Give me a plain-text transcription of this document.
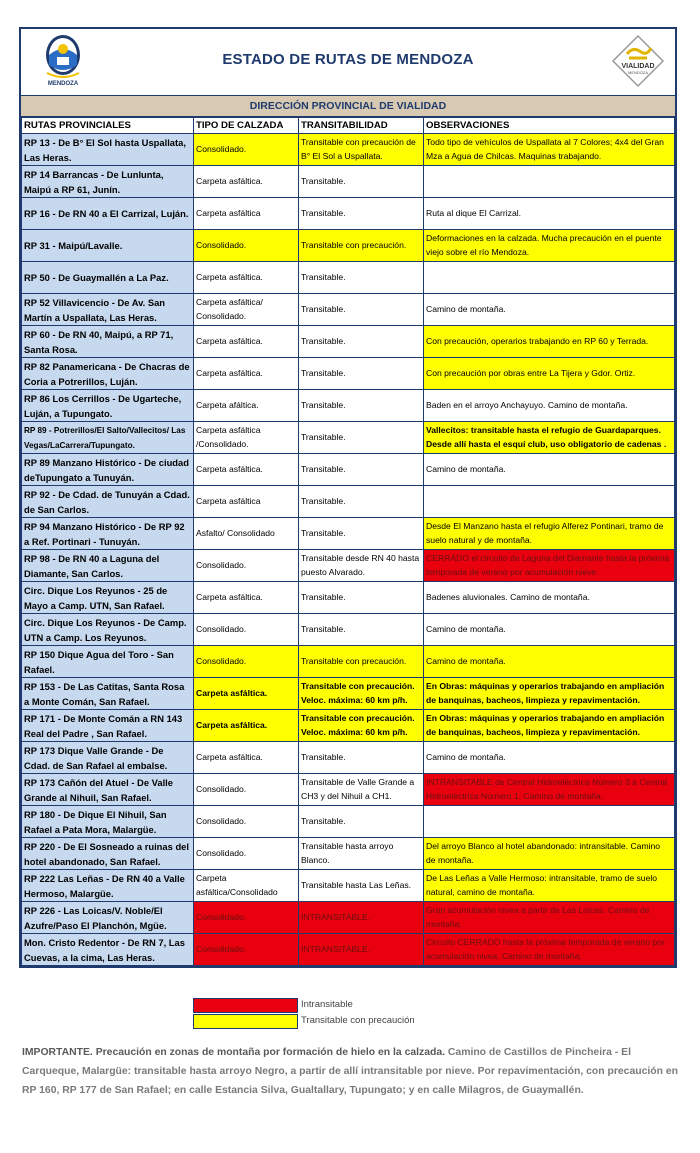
MENDOZA
ESTADO DE RUTAS DE MENDOZA	VIALIDAD
MENDOZA
DIRECCIÓN PROVINCIAL DE VIALIDAD
RUTAS PROVINCIALES	TIPO DE CALZADA	TRANSITABILIDAD	OBSERVACIONES
RP 13 - De B° El Sol hasta Uspallata, Las Heras.	Consolidado.	Transitable con precaución de B° El Sol a Uspallata.	Todo tipo de vehículos de Uspallata al 7 Colores; 4x4 del Gran Mza a Agua de Chilcas. Maquinas trabajando.
RP 14 Barrancas - De Lunlunta, Maipú a RP 61, Junín.	Carpeta asfáltica.	Transitable.	
RP 16 - De RN 40 a El Carrizal, Luján.	Carpeta asfáltica	Transitable.	Ruta al dique El Carrizal.
RP 31 - Maipú/Lavalle.	Consolidado.	Transitable con precaución.	Deformaciones en la calzada. Mucha precaución en el puente viejo sobre el río Mendoza.
RP 50 - De Guaymallén a La Paz.	Carpeta asfáltica.	Transitable.	
RP 52 Villavicencio - De Av. San Martín a Uspallata, Las Heras.	Carpeta asfáltica/ Consolidado.	Transitable.	Camino de montaña.
RP 60 - De RN 40, Maipú, a RP 71, Santa Rosa.	Carpeta asfáltica.	Transitable.	Con precaución, operarios trabajando en RP 60 y Terrada.
RP 82 Panamericana - De Chacras de Coria a Potrerillos, Luján.	Carpeta asfáltica.	Transitable.	Con precaución por obras entre La Tijera y Gdor. Ortiz.
RP 86 Los Cerrillos - De Ugarteche, Luján, a Tupungato.	Carpeta afáltica.	Transitable.	Baden en el arroyo Anchayuyo. Camino de montaña.
RP 89 - Potrerillos/El Salto/Vallecitos/ Las Vegas/LaCarrera/Tupungato.	Carpeta asfáltica /Consolidado.	Transitable.	Vallecitos: transitable hasta el refugio de Guardaparques. Desde allí hasta el esquí club, uso obligatorio de cadenas .
RP 89 Manzano Histórico - De ciudad deTupungato a Tunuyán.	Carpeta asfáltica.	Transitable.	Camino de montaña.
RP 92 - De Cdad. de Tunuyán a Cdad. de San Carlos.	Carpeta asfáltica	Transitable.	
RP 94 Manzano Histórico - De RP 92 a Ref. Portinari - Tunuyán.	Asfalto/ Consolidado	Transitable.	Desde El Manzano hasta el refugio Alferez Pontinari, tramo de suelo natural y de montaña.
RP 98 - De RN 40 a Laguna del Diamante, San Carlos.	Consolidado.	Transitable desde RN 40 hasta puesto Alvarado.	CERRADO el circuito de Laguna del Diamante hasta la próxima temporada de verano por acumulación nieve.
Circ. Dique Los Reyunos - 25 de Mayo a Camp. UTN, San Rafael.	Carpeta asfáltica.	Transitable.	Badenes aluvionales. Camino de montaña.
Circ. Dique Los Reyunos - De Camp. UTN a Camp. Los Reyunos.	Consolidado.	Transitable.	Camino de montaña.
RP 150 Dique Agua del Toro - San Rafael.	Consolidado.	Transitable con precaución.	Camino de montaña.
RP 153 - De Las Catitas, Santa Rosa a Monte Comán, San Rafael.	Carpeta asfáltica.	Transitable con precaución. Veloc. máxima: 60 km p/h.	En Obras: máquinas y operarios trabajando en ampliación de banquinas, bacheos, limpieza y repavimentación.
RP 171 - De Monte Comán a RN 143 Real del Padre , San Rafael.	Carpeta asfáltica.	Transitable con precaución. Veloc. máxima: 60 km p/h.	En Obras: máquinas y operarios trabajando en ampliación de banquinas, bacheos, limpieza y repavimentación.
RP 173 Dique Valle Grande - De Cdad. de San Rafael al embalse.	Carpeta asfáltica.	Transitable.	Camino de montaña.
RP 173 Cañón del Atuel - De Valle Grande al Nihuil, San Rafael.	Consolidado.	Transitable de Valle Grande a CH3 y del Nihuil a CH1.	INTRANSITABLE de Central Hidroeléctrica Número 3 a Central Hidroeléctrica Número 1. Camino de montaña.
RP 180 - De Dique El Nihuil, San Rafael a Pata Mora, Malargüe.	Consolidado.	Transitable.	
RP 220 - De El Sosneado a ruinas del hotel abandonado, San Rafael.	Consolidado.	Transitable hasta arroyo Blanco.	Del arroyo Blanco al hotel abandonado: intransitable. Camino de montaña.
RP 222 Las Leñas - De RN 40 a Valle Hermoso, Malargüe.	Carpeta asfáltica/Consolidado	Transitable hasta Las Leñas.	De Las Leñas a Valle Hermoso: intransitable, tramo de suelo natural, camino de montaña.
RP 226 - Las Loicas/V. Noble/El Azufre/Paso El Planchón, Mgüe.	Consolidado.	INTRANSITABLE.	Gran acumulación nivea a partir de Las Loicas. Camino de montaña.
Mon. Cristo Redentor - De RN 7, Las Cuevas, a la cima, Las Heras.	Consolidado.	INTRANSITABLE.	Circuito CERRADO hasta la próxima temporada de verano por acumulación nivea. Camino de montaña.
Intransitable
Transitable con precaución
IMPORTANTE. Precaución en zonas de montaña por formación de hielo en la calzada. Camino de Castillos de Pincheira - El Carqueque, Malargüe: transitable hasta arroyo Negro, a partir de allí intransitable por nieve. Por repavimentación, con precaución en RP 160, RP 177 de San Rafael; en calle Estancia Silva, Gualtallary, Tupungato; y en calle Milagros, de Guaymallén.
